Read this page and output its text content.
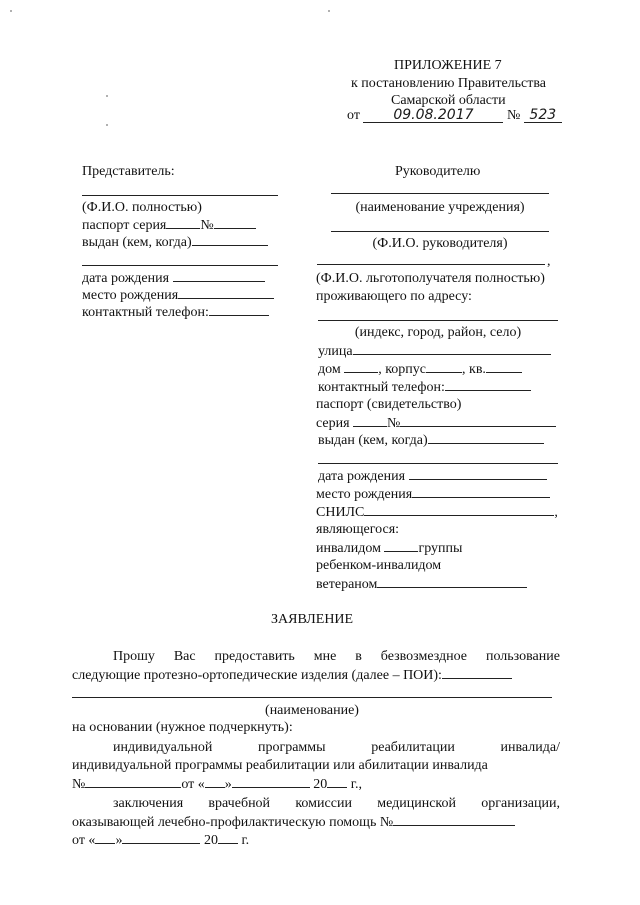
ПРИЛОЖЕНИЕ 7
к постановлению Правительства
Самарской области
от 09.08.2017 № 523
Представитель:
(Ф.И.О. полностью)
паспорт серия №
выдан (кем, когда)
дата рождения
место рождения
контактный телефон:
Руководителю
(наименование учреждения)
(Ф.И.О. руководителя)
,
(Ф.И.О. льготополучателя полностью)
проживающего по адресу:
(индекс, город, район, село)
улица
дом	, корпус	, кв.
контактный телефон:
паспорт (свидетельство)
серия	№
выдан (кем, когда)
дата рождения
место рождения
СНИЛС	,
являющегося:
инвалидом	группы
ребенком-инвалидом
ветераном
ЗАЯВЛЕНИЕ
Прошу Вас предоставить мне в безвозмездное пользование
следующие протезно-ортопедические изделия (далее – ПОИ):
(наименование)
на основании (нужное подчеркнуть):
индивидуальной	программы	реабилитации	инвалида/
индивидуальной программы реабилитации или абилитации инвалида
№	от « »	20 г.,
заключения врачебной комиссии медицинской организации,
оказывающей лечебно-профилактическую помощь №
от « »	20 г.
